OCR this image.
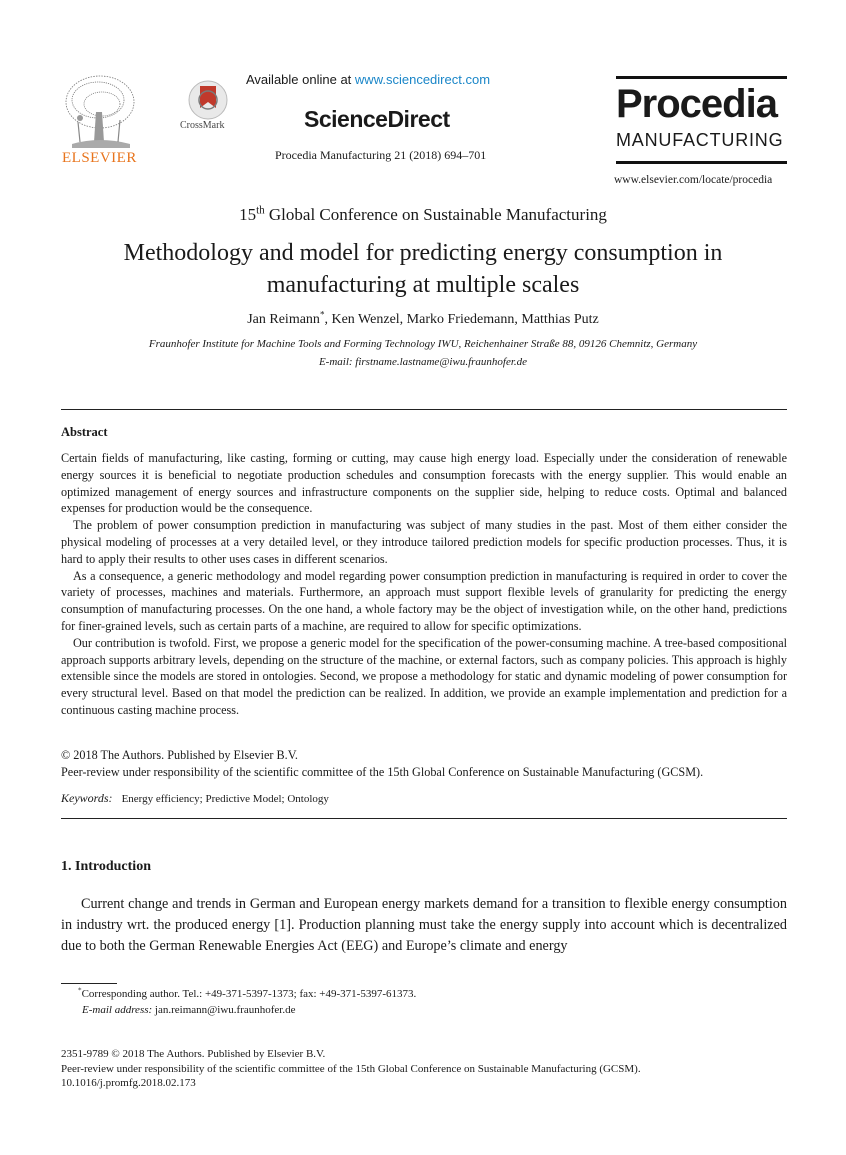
ELSEVIER
CrossMark
Available online at www.sciencedirect.com
ScienceDirect
Procedia Manufacturing 21 (2018) 694–701
Procedia
MANUFACTURING
www.elsevier.com/locate/procedia
15th Global Conference on Sustainable Manufacturing
Methodology and model for predicting energy consumption in
manufacturing at multiple scales
Jan Reimann*, Ken Wenzel, Marko Friedemann, Matthias Putz
Fraunhofer Institute for Machine Tools and Forming Technology IWU, Reichenhainer Straße 88, 09126 Chemnitz, Germany
E-mail: firstname.lastname@iwu.fraunhofer.de
Abstract

Certain fields of manufacturing, like casting, forming or cutting, may cause high energy load. Especially under the consideration of renewable energy sources it is beneficial to negotiate production schedules and consumption forecasts with the energy supplier. This would enable an optimized management of energy sources and infrastructure components on the supplier side, helping to reduce costs. Optimal and balanced expenses for production would be the consequence.

The problem of power consumption prediction in manufacturing was subject of many studies in the past. Most of them either consider the physical modeling of processes at a very detailed level, or they introduce tailored prediction models for specific production processes. Thus, it is hard to apply their results to other uses cases in different scenarios.

As a consequence, a generic methodology and model regarding power consumption prediction in manufacturing is required in order to cover the variety of processes, machines and materials. Furthermore, an approach must support flexible levels of granularity for predicting the energy consumption of manufacturing processes. On the one hand, a whole factory may be the object of investigation while, on the other hand, predictions for finer-grained levels, such as certain parts of a machine, are required to allow for specific optimizations.

Our contribution is twofold. First, we propose a generic model for the specification of the power-consuming machine. A tree-based compositional approach supports arbitrary levels, depending on the structure of the machine, or external factors, such as company policies. This approach is highly extensible since the models are stored in ontologies. Second, we propose a methodology for static and dynamic modeling of power consumption for every structural level. Based on that model the prediction can be realized. In addition, we provide an example implementation and prediction for a continuous casting machine process.

© 2018 The Authors. Published by Elsevier B.V.
Peer-review under responsibility of the scientific committee of the 15th Global Conference on Sustainable Manufacturing (GCSM).
Keywords: Energy efficiency; Predictive Model; Ontology
1. Introduction
Current change and trends in German and European energy markets demand for a transition to flexible energy consumption in industry wrt. the produced energy [1]. Production planning must take the energy supply into account which is decentralized due to both the German Renewable Energies Act (EEG) and Europe’s climate and energy
*Corresponding author. Tel.: +49-371-5397-1373; fax: +49-371-5397-61373.
E-mail address: jan.reimann@iwu.fraunhofer.de
2351-9789 © 2018 The Authors. Published by Elsevier B.V.
Peer-review under responsibility of the scientific committee of the 15th Global Conference on Sustainable Manufacturing (GCSM).
10.1016/j.promfg.2018.02.173
